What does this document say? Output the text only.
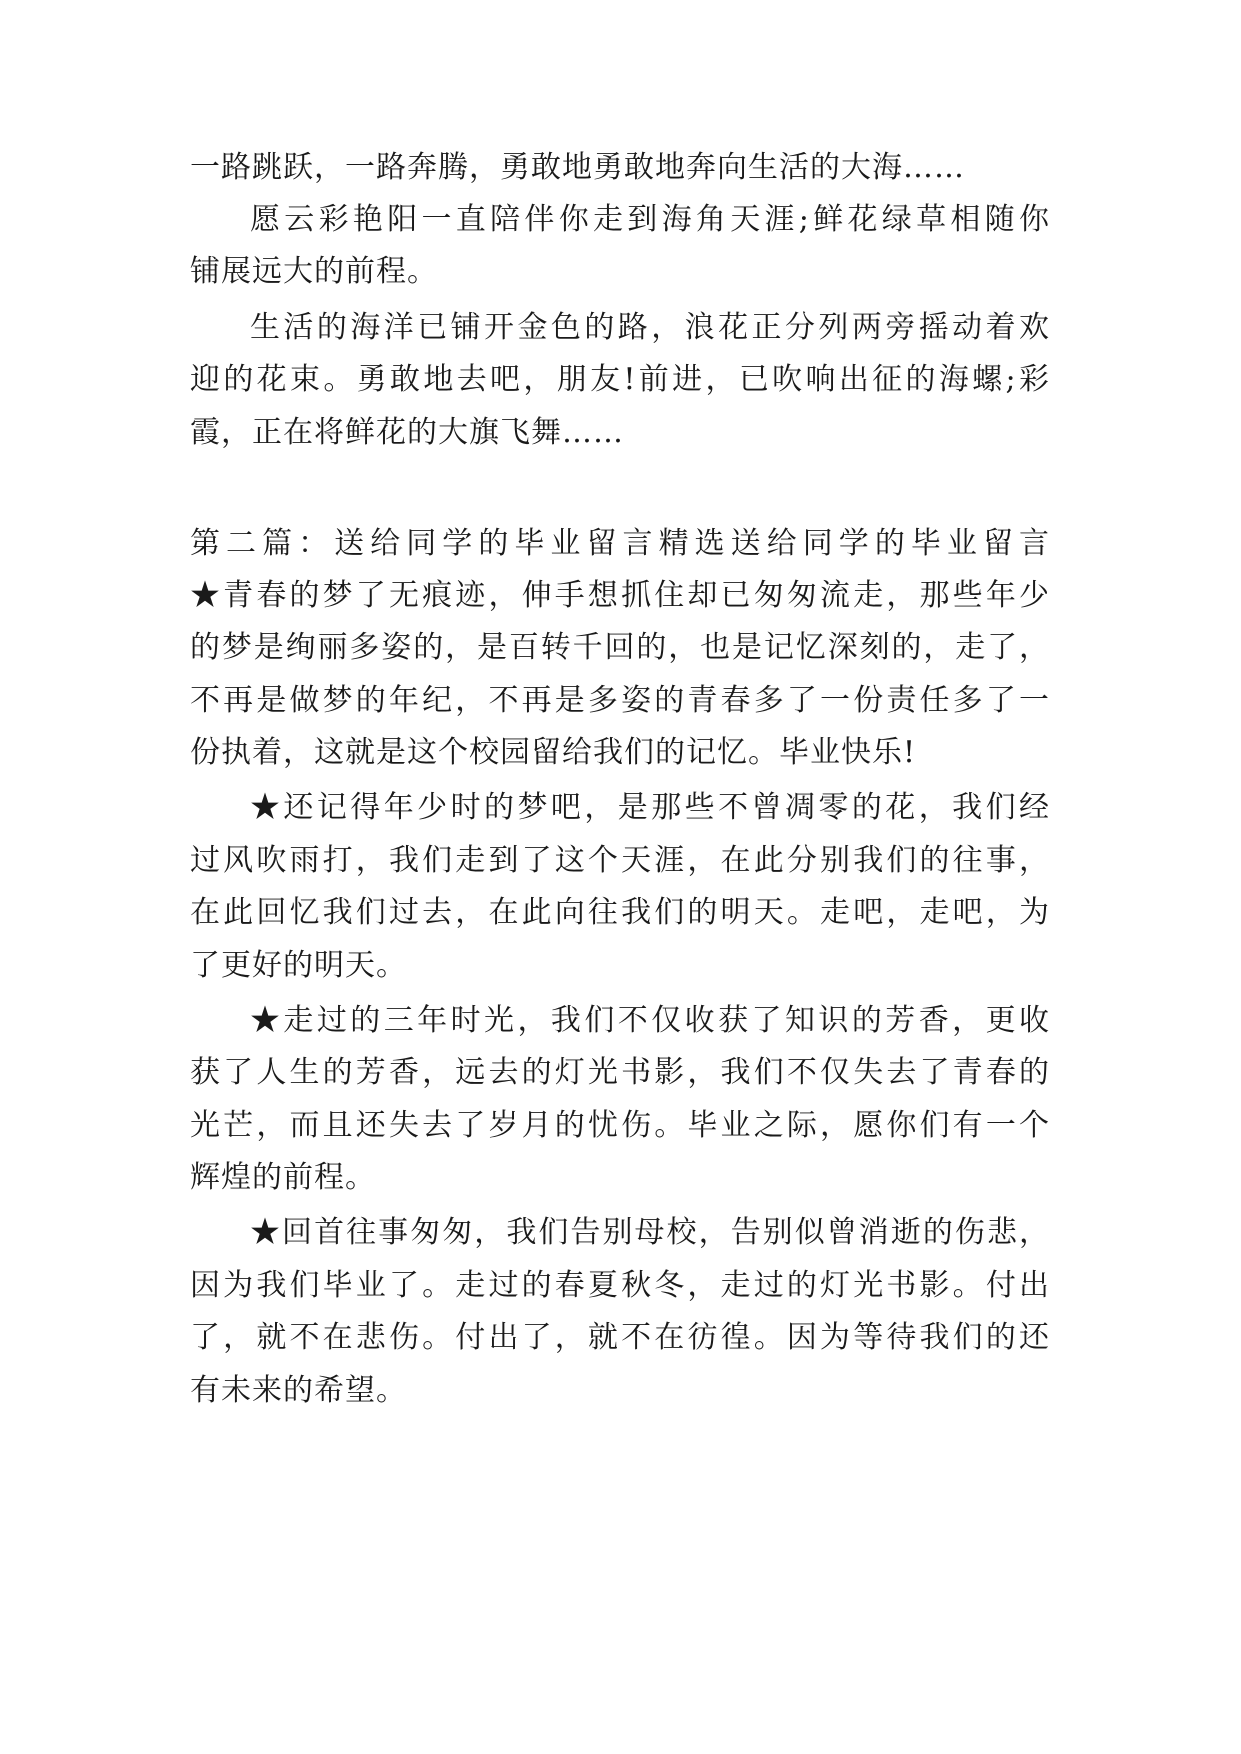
一路跳跃，一路奔腾，勇敢地勇敢地奔向生活的大海……
愿云彩艳阳一直陪伴你走到海角天涯;鲜花绿草相随你
铺展远大的前程。
生活的海洋已铺开金色的路，浪花正分列两旁摇动着欢
迎的花束。勇敢地去吧，朋友!前进，已吹响出征的海螺;彩
霞，正在将鲜花的大旗飞舞……
第二篇：送给同学的毕业留言精选送给同学的毕业留言
★青春的梦了无痕迹，伸手想抓住却已匆匆流走，那些年少
的梦是绚丽多姿的，是百转千回的，也是记忆深刻的，走了，
不再是做梦的年纪，不再是多姿的青春多了一份责任多了一
份执着，这就是这个校园留给我们的记忆。毕业快乐!
★还记得年少时的梦吧，是那些不曾凋零的花，我们经
过风吹雨打，我们走到了这个天涯，在此分别我们的往事，
在此回忆我们过去，在此向往我们的明天。走吧，走吧，为
了更好的明天。
★走过的三年时光，我们不仅收获了知识的芳香，更收
获了人生的芳香，远去的灯光书影，我们不仅失去了青春的
光芒，而且还失去了岁月的忧伤。毕业之际，愿你们有一个
辉煌的前程。
★回首往事匆匆，我们告别母校，告别似曾消逝的伤悲，
因为我们毕业了。走过的春夏秋冬，走过的灯光书影。付出
了，就不在悲伤。付出了，就不在彷徨。因为等待我们的还
有未来的希望。
